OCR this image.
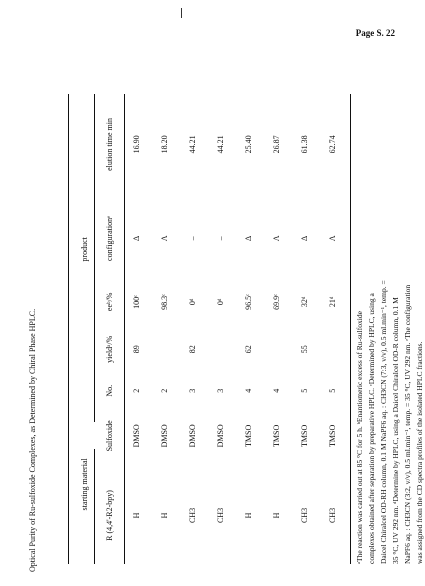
Page S. 22
Optical Purity of Ru-sulfoxide Complexes, as Determined by Chiral Phase HPLC.	starting material		product				
R (4,4'-R2-bpy)	Sulfoxide	No.	yieldᵃ/%	eeᵇ/%	configurationᵉ	elution time min
H	DMSO	2	89	100ᶜ	Δ	16.90
H	DMSO	2		98.3ᶜ	Λ	18.20
CH3	DMSO	3	82	0ᵈ	–	44.21
CH3	DMSO	3		0ᵈ	–	44.21
H	TMSO	4	62	96.5ᶜ	Δ	25.40
H	TMSO	4		69.9ᶜ	Λ	26.87
CH3	TMSO	5	55	32ᵈ	Δ	61.38
CH3	TMSO	5		21ᵈ	Λ	62.74

ᵃThe reaction was carried out at 85 °C for 5 h. ᵇEnantiomeric excess of Ru-sulfoxide complexes obtained after separation by preparative HPLC. ᶜDetermined by HPLC, using a Daicel Chiralcel OD-RH column, 0.1 M NaPF6 aq. : CH3CN (7:3, v/v), 0.5 ml.min⁻¹, temp. = 35 °C, UV 292 nm. ᵈDetermine by HPLC, using a Daicel Chiralcel OD-R column, 0.1 M NaPF6 aq. : CH3CN (3:2, v/v), 0.5 ml.min⁻¹, temp. = 35 °C, UV 292 nm. ᵉThe configuration was assigned from the CD spectra profiles of the isolated HPLC fractions.
